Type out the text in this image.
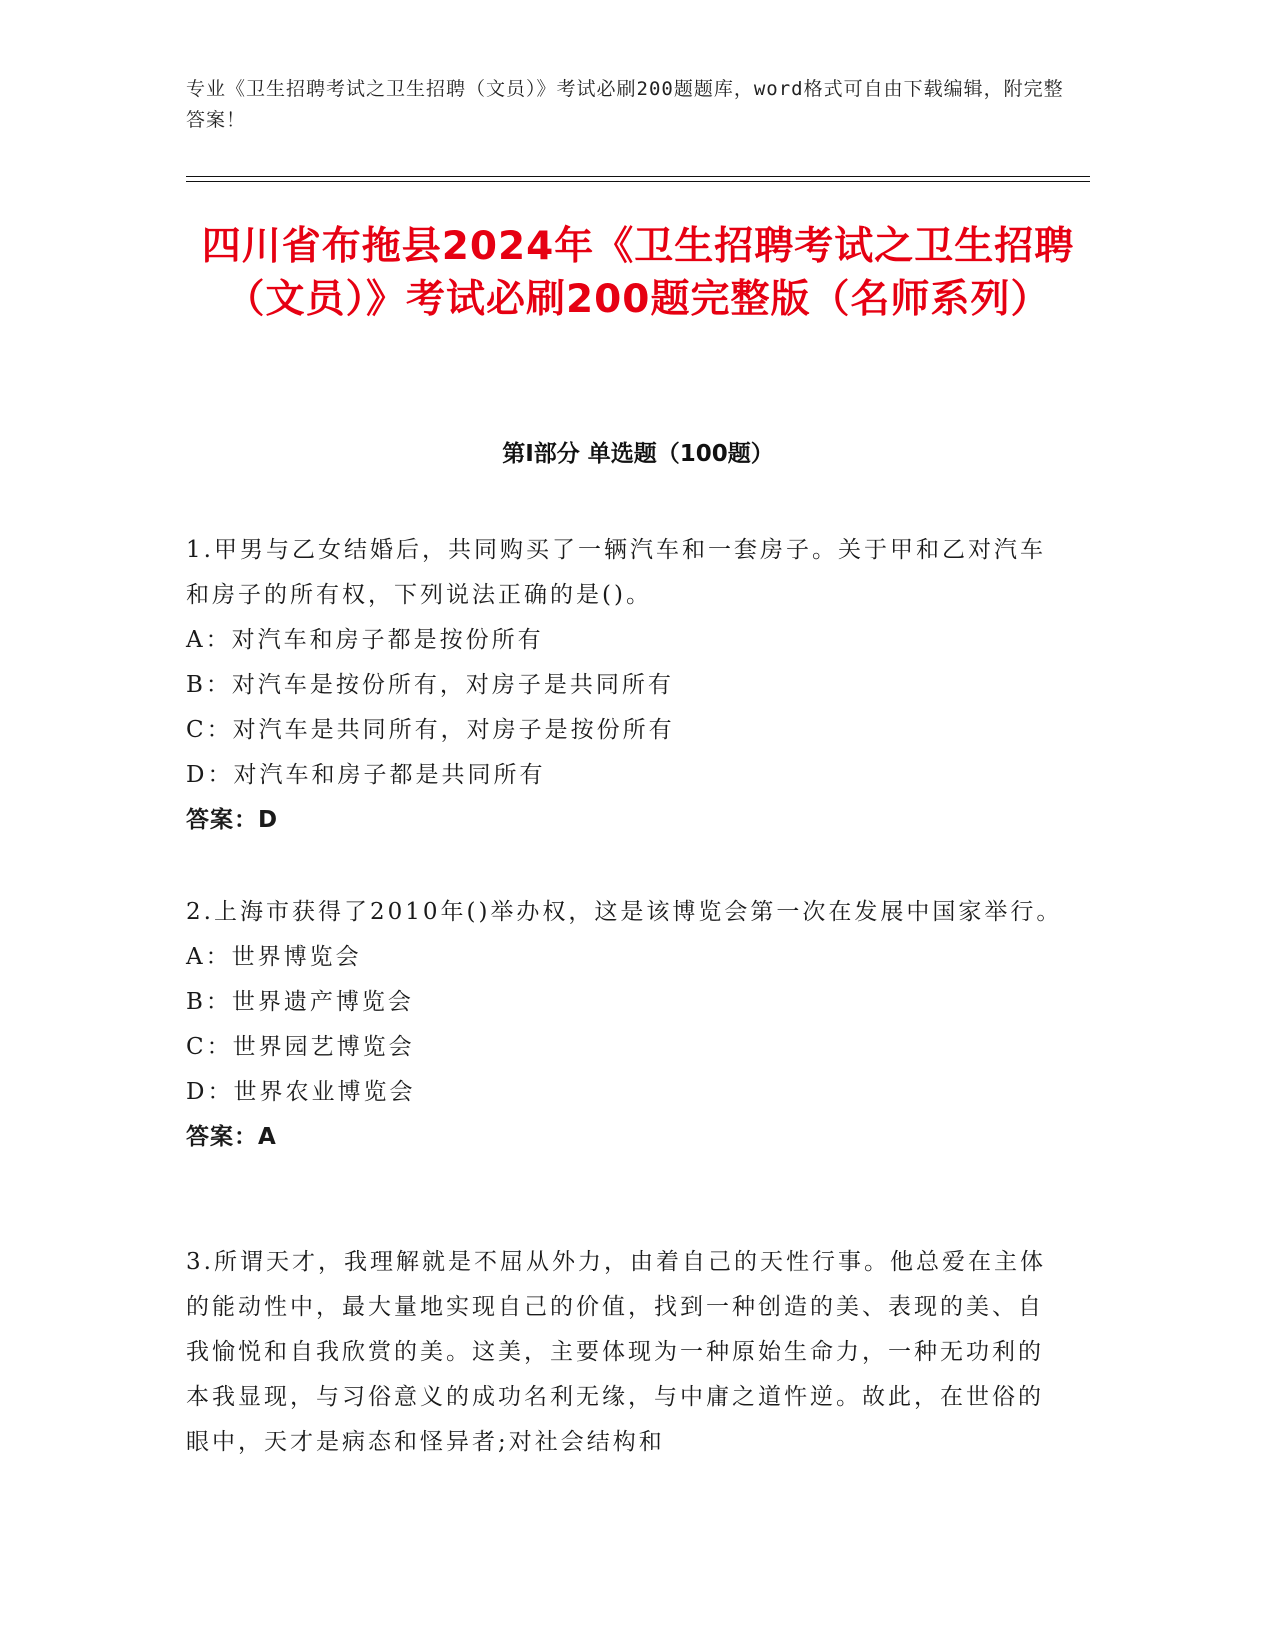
专业《卫生招聘考试之卫生招聘（文员）》考试必刷200题题库，word格式可自由下载编辑，附完整答案！
四川省布拖县2024年《卫生招聘考试之卫生招聘（文员）》考试必刷200题完整版（名师系列）
第Ⅰ部分 单选题（100题）

1.甲男与乙女结婚后，共同购买了一辆汽车和一套房子。关于甲和乙对汽车和房子的所有权，下列说法正确的是()。

A：对汽车和房子都是按份所有

B：对汽车是按份所有，对房子是共同所有

C：对汽车是共同所有，对房子是按份所有

D：对汽车和房子都是共同所有

答案：D

2.上海市获得了2010年()举办权，这是该博览会第一次在发展中国家举行。

A：世界博览会

B：世界遗产博览会

C：世界园艺博览会

D：世界农业博览会

答案：A

3.所谓天才，我理解就是不屈从外力，由着自己的天性行事。他总爱在主体的能动性中，最大量地实现自己的价值，找到一种创造的美、表现的美、自我愉悦和自我欣赏的美。这美，主要体现为一种原始生命力，一种无功利的本我显现，与习俗意义的成功名利无缘，与中庸之道忤逆。故此，在世俗的眼中，天才是病态和怪异者;对社会结构和
